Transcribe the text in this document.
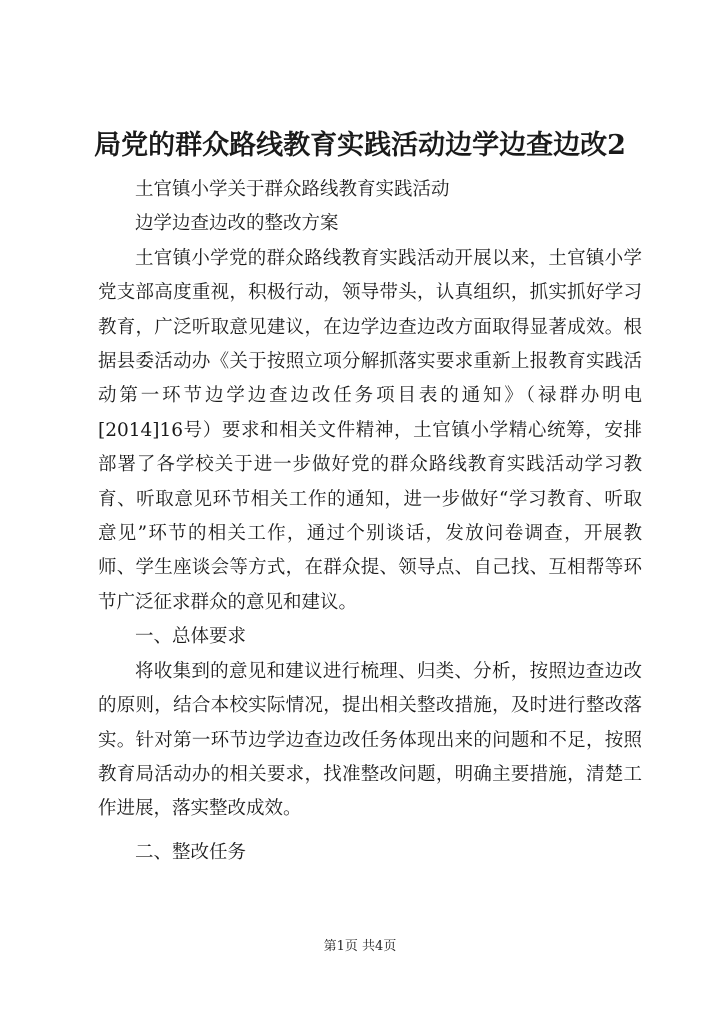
局党的群众路线教育实践活动边学边查边改2

土官镇小学关于群众路线教育实践活动

边学边查边改的整改方案

土官镇小学党的群众路线教育实践活动开展以来，土官镇小学党支部高度重视，积极行动，领导带头，认真组织，抓实抓好学习教育，广泛听取意见建议，在边学边查边改方面取得显著成效。根据县委活动办《关于按照立项分解抓落实要求重新上报教育实践活动第一环节边学边查边改任务项目表的通知》（禄群办明电[2014]16号）要求和相关文件精神，土官镇小学精心统筹，安排部署了各学校关于进一步做好党的群众路线教育实践活动学习教育、听取意见环节相关工作的通知，进一步做好“学习教育、听取意见”环节的相关工作，通过个别谈话，发放问卷调查，开展教师、学生座谈会等方式，在群众提、领导点、自己找、互相帮等环节广泛征求群众的意见和建议。

一、总体要求

将收集到的意见和建议进行梳理、归类、分析，按照边查边改的原则，结合本校实际情况，提出相关整改措施，及时进行整改落实。针对第一环节边学边查边改任务体现出来的问题和不足，按照教育局活动办的相关要求，找准整改问题，明确主要措施，清楚工作进展，落实整改成效。

二、整改任务

第1页 共4页
